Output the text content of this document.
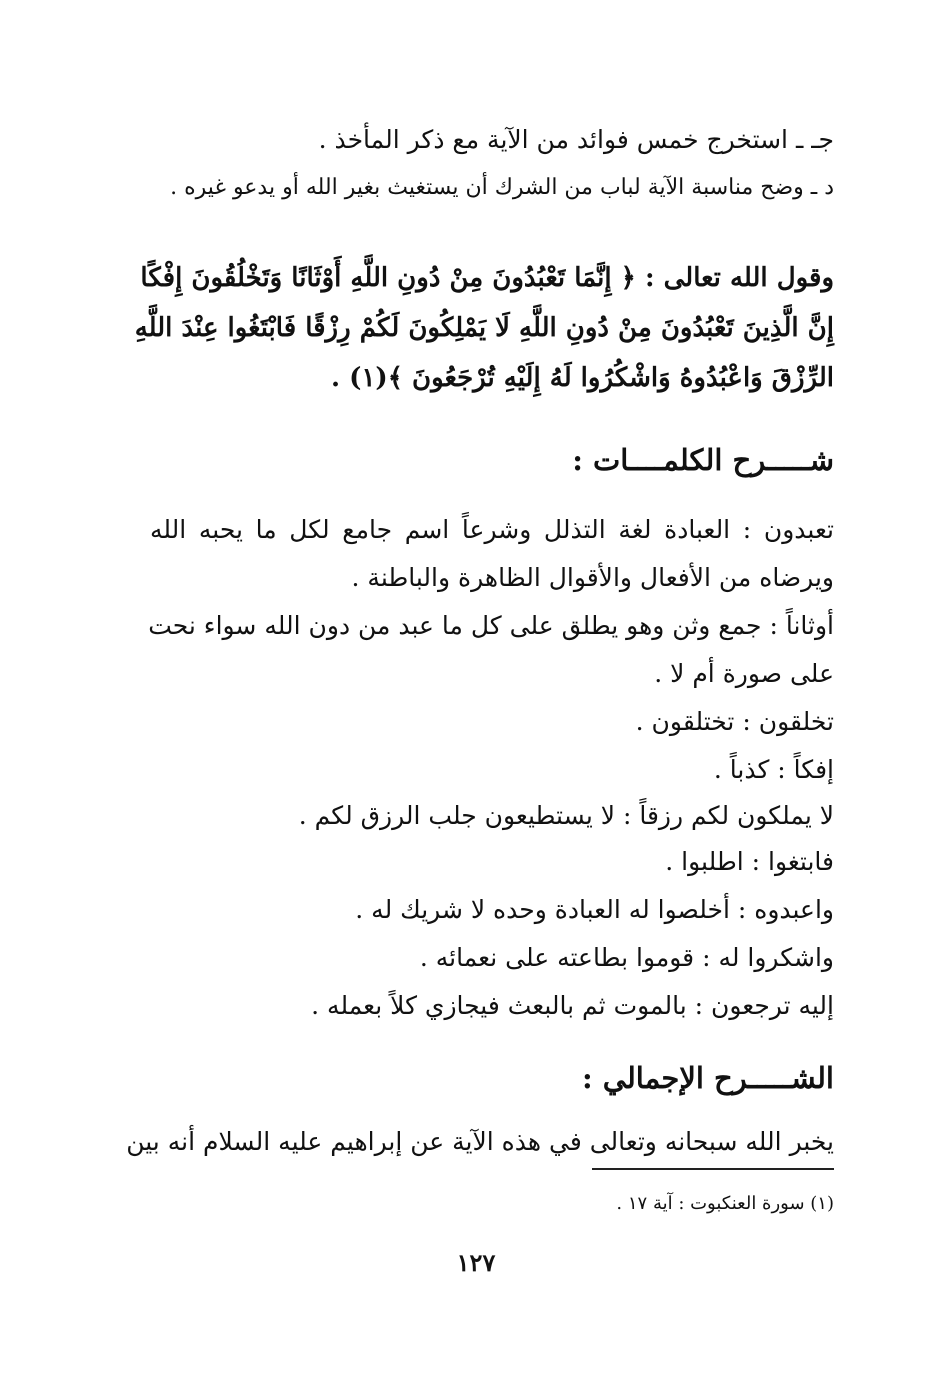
جـ ـ استخرج خمس فوائد من الآية مع ذكر المأخذ .
د ـ وضح مناسبة الآية لباب من الشرك أن يستغيث بغير الله أو يدعو غيره .
وقول الله تعالى : ﴿ إِنَّمَا تَعْبُدُونَ مِنْ دُونِ اللَّهِ أَوْثَانًا وَتَخْلُقُونَ إِفْكًا
إِنَّ الَّذِينَ تَعْبُدُونَ مِنْ دُونِ اللَّهِ لَا يَمْلِكُونَ لَكُمْ رِزْقًا فَابْتَغُوا عِنْدَ اللَّهِ
الرِّزْقَ وَاعْبُدُوهُ وَاشْكُرُوا لَهُ إِلَيْهِ تُرْجَعُونَ ﴾(١) .
شـــــرح الكلمــــات :
تعبدون : العبادة لغة التذلل وشرعاً اسم جامع لكل ما يحبه الله
ويرضاه من الأفعال والأقوال الظاهرة والباطنة .
أوثاناً : جمع وثن وهو يطلق على كل ما عبد من دون الله سواء نحت
على صورة أم لا .
تخلقون : تختلقون .
إفكاً : كذباً .
لا يملكون لكم رزقاً : لا يستطيعون جلب الرزق لكم .
فابتغوا : اطلبوا .
واعبدوه : أخلصوا له العبادة وحده لا شريك له .
واشكروا له : قوموا بطاعته على نعمائه .
إليه ترجعون : بالموت ثم بالبعث فيجازي كلاً بعمله .
الشـــــرح الإجمالي :
يخبر الله سبحانه وتعالى في هذه الآية عن إبراهيم عليه السلام أنه بين
(١) سورة العنكبوت : آية ١٧ .
١٢٧
